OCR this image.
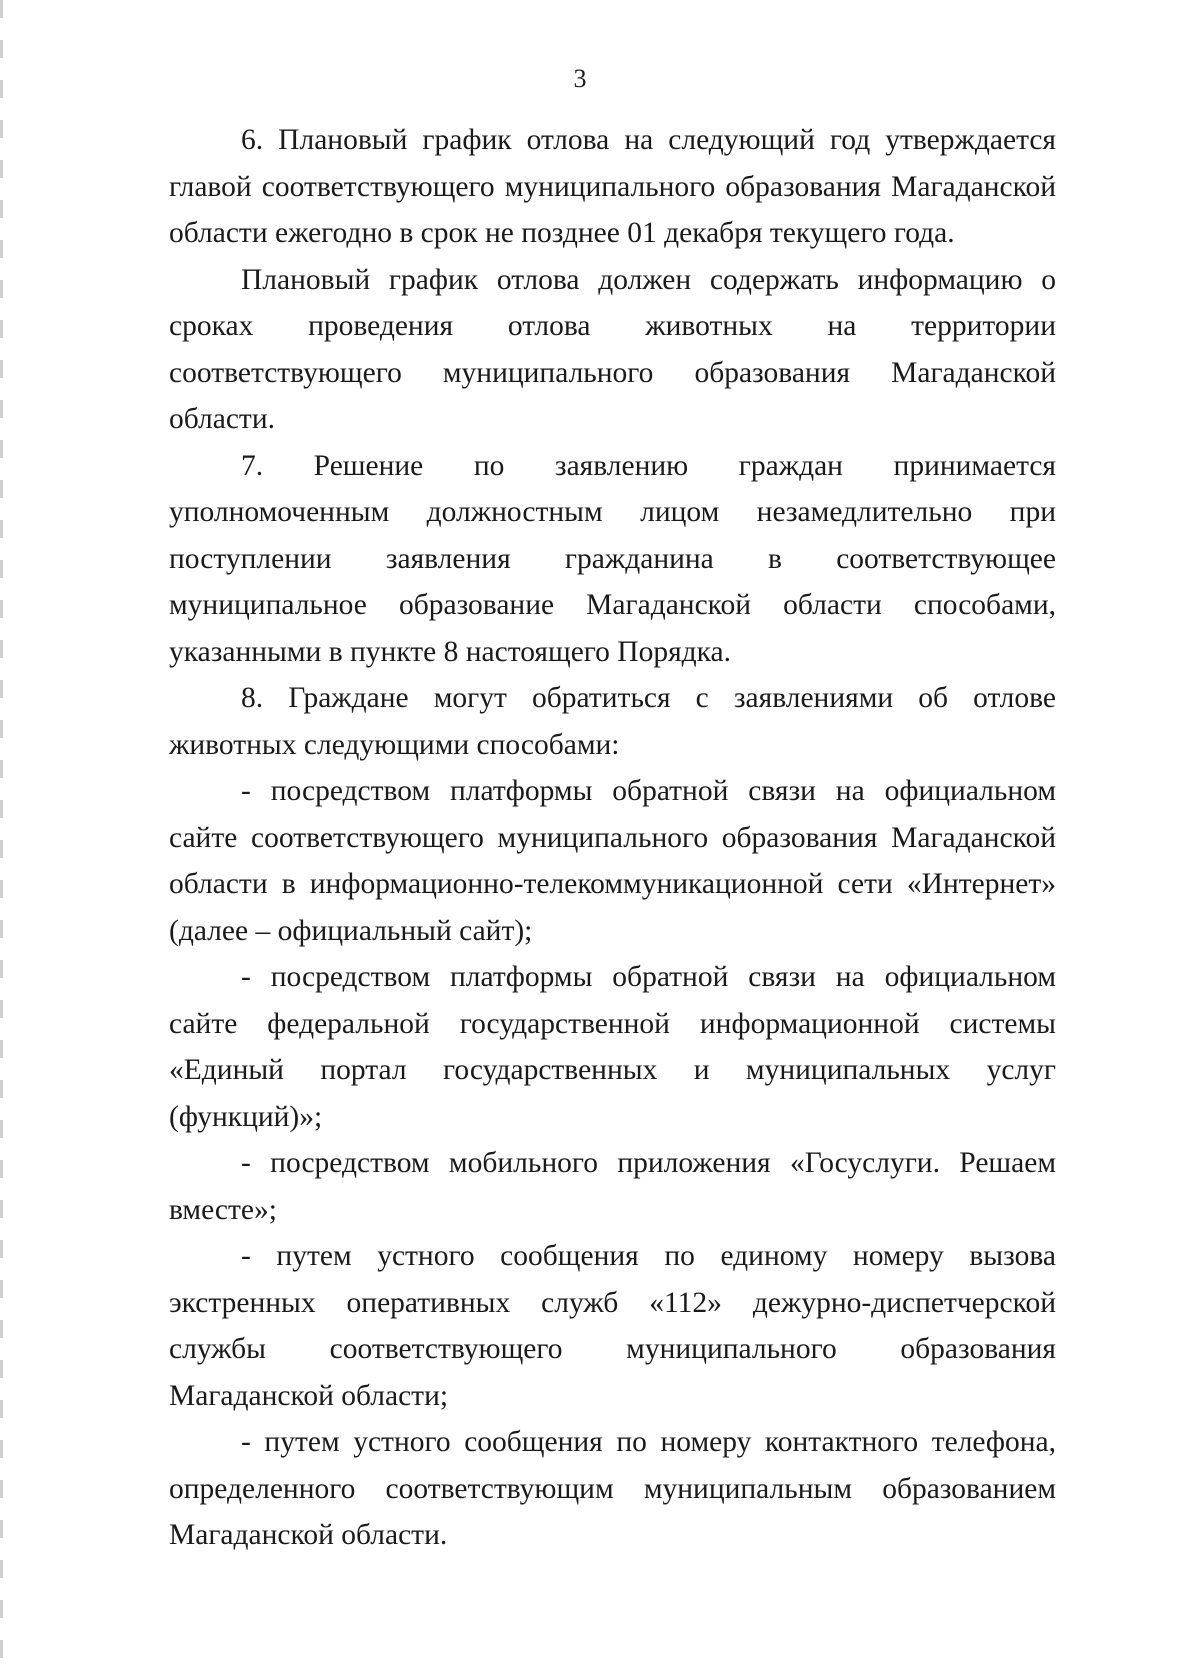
3

6. Плановый график отлова на следующий год утверждается главой соответствующего муниципального образования Магаданской области ежегодно в срок не позднее 01 декабря текущего года.

Плановый график отлова должен содержать информацию о сроках проведения отлова животных на территории соответствующего муниципального образования Магаданской области.

7. Решение по заявлению граждан принимается уполномоченным должностным лицом незамедлительно при поступлении заявления гражданина в соответствующее муниципальное образование Магаданской области способами, указанными в пункте 8 настоящего Порядка.

8. Граждане могут обратиться с заявлениями об отлове животных следующими способами:

- посредством платформы обратной связи на официальном сайте соответствующего муниципального образования Магаданской области в информационно-телекоммуникационной сети «Интернет» (далее – официальный сайт);

- посредством платформы обратной связи на официальном сайте федеральной государственной информационной системы «Единый портал государственных и муниципальных услуг (функций)»;

- посредством мобильного приложения «Госуслуги. Решаем вместе»;

- путем устного сообщения по единому номеру вызова экстренных оперативных служб «112» дежурно-диспетчерской службы соответствующего муниципального образования Магаданской области;

- путем устного сообщения по номеру контактного телефона, определенного соответствующим муниципальным образованием Магаданской области.
